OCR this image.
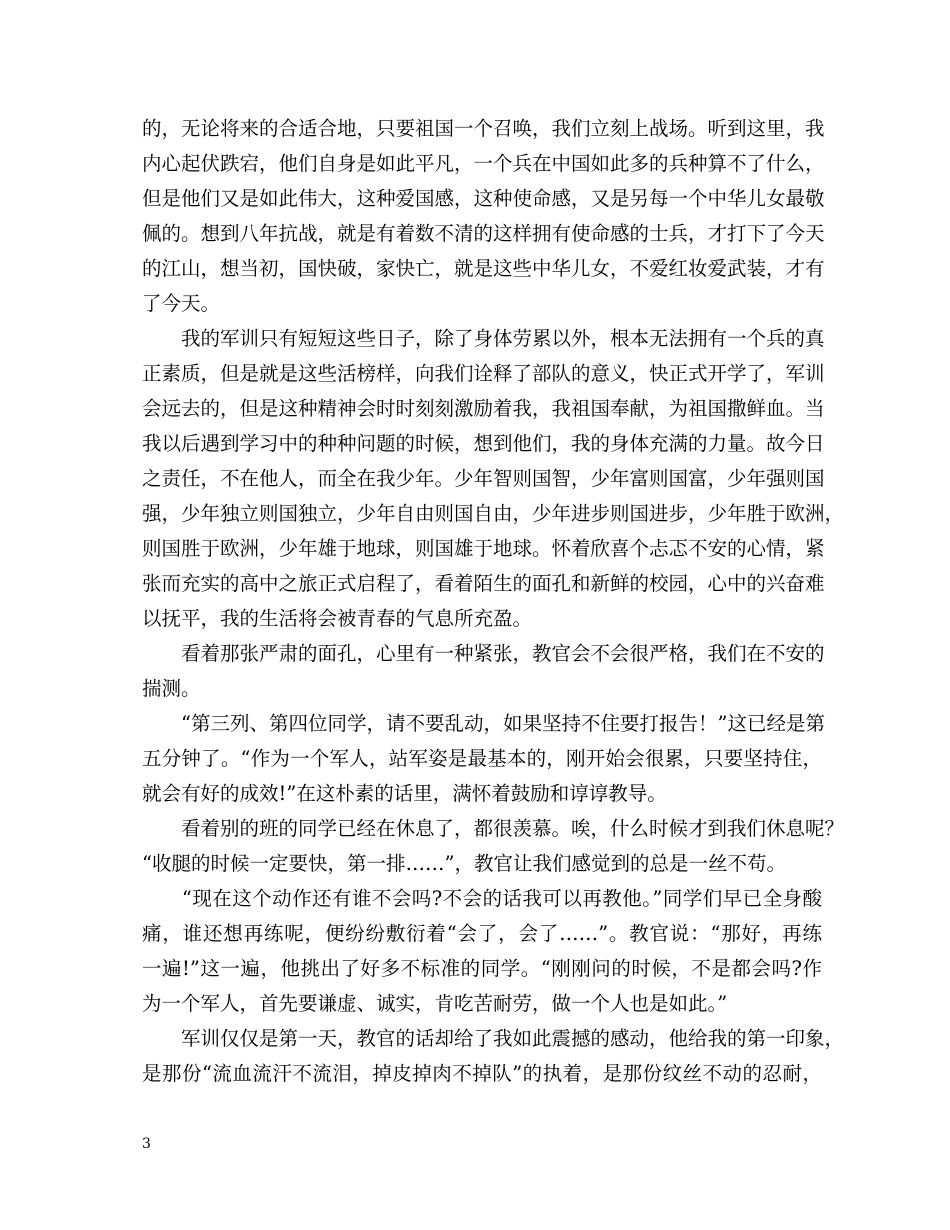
的，无论将来的合适合地，只要祖国一个召唤，我们立刻上战场。听到这里，我
内心起伏跌宕，他们自身是如此平凡，一个兵在中国如此多的兵种算不了什么，
但是他们又是如此伟大，这种爱国感，这种使命感，又是另每一个中华儿女最敬
佩的。想到八年抗战，就是有着数不清的这样拥有使命感的士兵，才打下了今天
的江山，想当初，国快破，家快亡，就是这些中华儿女，不爱红妆爱武装，才有
了今天。
　　我的军训只有短短这些日子，除了身体劳累以外，根本无法拥有一个兵的真
正素质，但是就是这些活榜样，向我们诠释了部队的意义，快正式开学了，军训
会远去的，但是这种精神会时时刻刻激励着我，我祖国奉献，为祖国撒鲜血。当
我以后遇到学习中的种种问题的时候，想到他们，我的身体充满的力量。故今日
之责任，不在他人，而全在我少年。少年智则国智，少年富则国富，少年强则国
强，少年独立则国独立，少年自由则国自由，少年进步则国进步，少年胜于欧洲，
则国胜于欧洲，少年雄于地球，则国雄于地球。怀着欣喜个忐忑不安的心情，紧
张而充实的高中之旅正式启程了，看着陌生的面孔和新鲜的校园，心中的兴奋难
以抚平，我的生活将会被青春的气息所充盈。
　　看着那张严肃的面孔，心里有一种紧张，教官会不会很严格，我们在不安的
揣测。
　　“第三列、第四位同学，请不要乱动，如果坚持不住要打报告！”这已经是第
五分钟了。“作为一个军人，站军姿是最基本的，刚开始会很累，只要坚持住，
就会有好的成效!”在这朴素的话里，满怀着鼓励和谆谆教导。
　　看着别的班的同学已经在休息了，都很羡慕。唉，什么时候才到我们休息呢？
“收腿的时候一定要快，第一排……”，教官让我们感觉到的总是一丝不苟。
　　“现在这个动作还有谁不会吗?不会的话我可以再教他。”同学们早已全身酸
痛，谁还想再练呢，便纷纷敷衍着“会了，会了……”。教官说：“那好，再练
一遍!”这一遍，他挑出了好多不标准的同学。“刚刚问的时候，不是都会吗?作
为一个军人，首先要谦虚、诚实，肯吃苦耐劳，做一个人也是如此。”
　　军训仅仅是第一天，教官的话却给了我如此震撼的感动，他给我的第一印象，
是那份“流血流汗不流泪，掉皮掉肉不掉队”的执着，是那份纹丝不动的忍耐，
3
